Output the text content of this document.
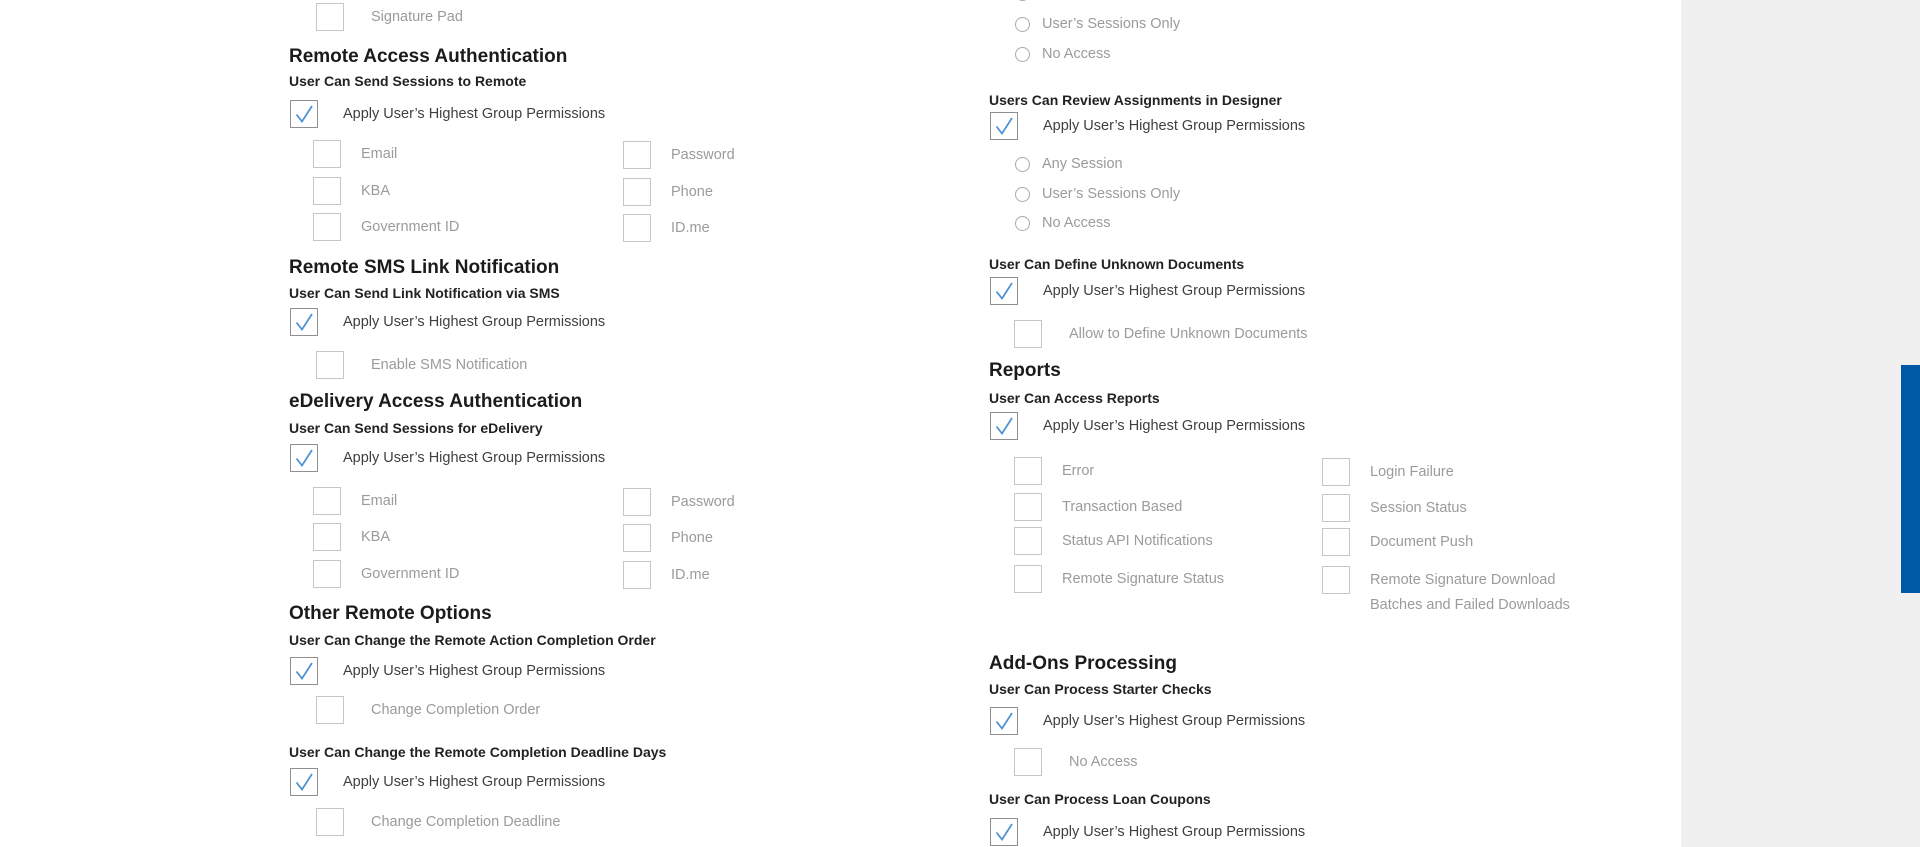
Signature Pad
Remote Access Authentication
User Can Send Sessions to Remote
Apply User’s Highest Group Permissions
Email	Password
KBA	Phone
Government ID	ID.me
Remote SMS Link Notification
User Can Send Link Notification via SMS
Apply User’s Highest Group Permissions
Enable SMS Notification
eDelivery Access Authentication
User Can Send Sessions for eDelivery
Apply User’s Highest Group Permissions
Email	Password
KBA	Phone
Government ID	ID.me
Other Remote Options
User Can Change the Remote Action Completion Order
Apply User’s Highest Group Permissions
Change Completion Order
User Can Change the Remote Completion Deadline Days
Apply User’s Highest Group Permissions
Change Completion Deadline
User’s Sessions Only
No Access
Users Can Review Assignments in Designer
Apply User’s Highest Group Permissions
Any Session
User’s Sessions Only
No Access
User Can Define Unknown Documents
Apply User’s Highest Group Permissions
Allow to Define Unknown Documents
Reports
User Can Access Reports
Apply User’s Highest Group Permissions
Error	Login Failure
Transaction Based	Session Status
Status API Notifications	Document Push
Remote Signature Status	Remote Signature Download Batches and Failed Downloads
Add-Ons Processing
User Can Process Starter Checks
Apply User’s Highest Group Permissions
No Access
User Can Process Loan Coupons
Apply User’s Highest Group Permissions
